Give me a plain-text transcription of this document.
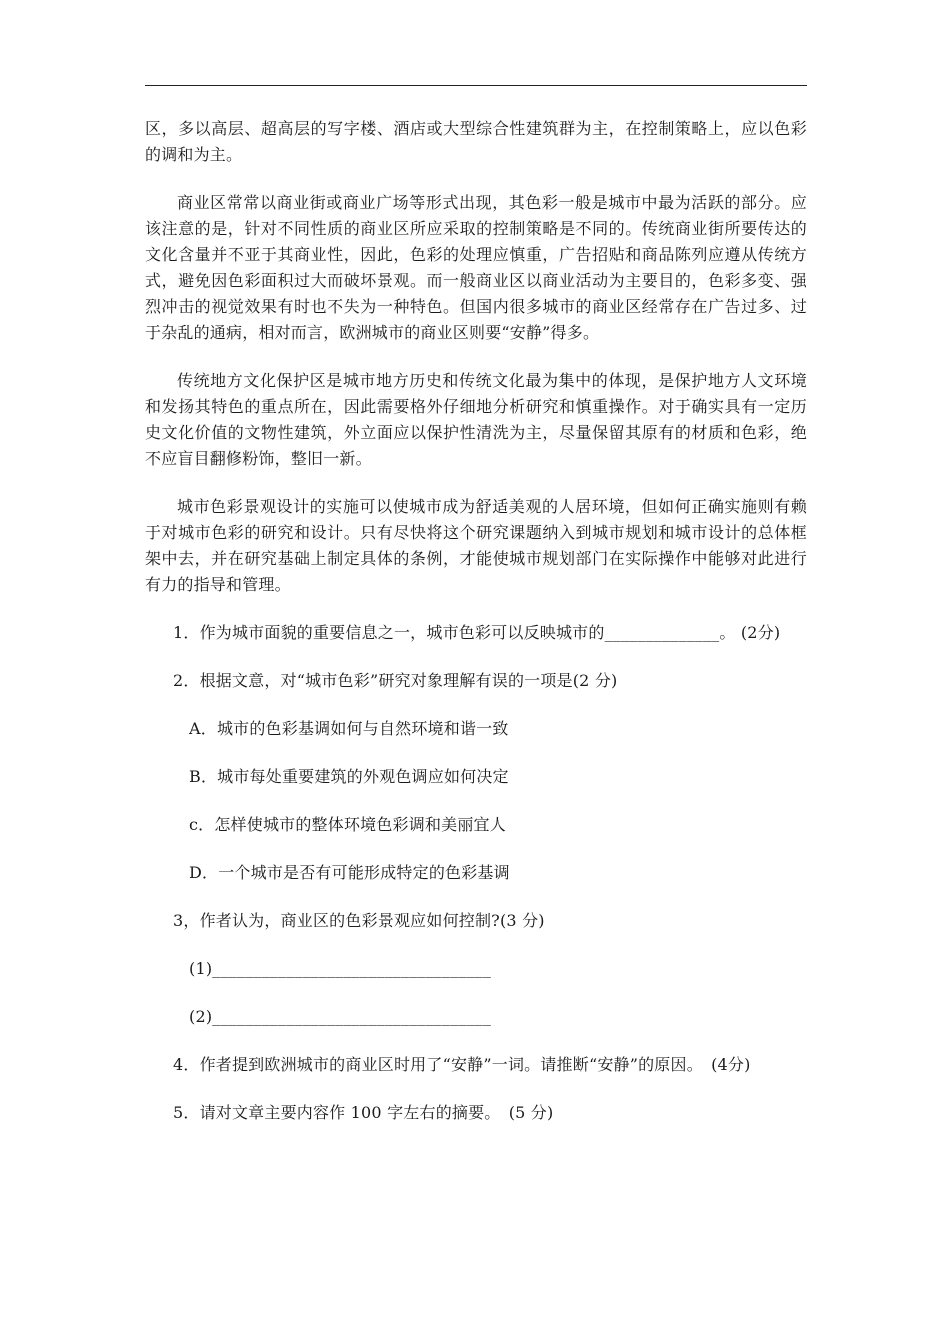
区，多以高层、超高层的写字楼、酒店或大型综合性建筑群为主，在控制策略上，应以色彩的调和为主。

商业区常常以商业街或商业广场等形式出现，其色彩一般是城市中最为活跃的部分。应该注意的是，针对不同性质的商业区所应采取的控制策略是不同的。传统商业街所要传达的文化含量并不亚于其商业性，因此，色彩的处理应慎重，广告招贴和商品陈列应遵从传统方式，避免因色彩面积过大而破坏景观。而一般商业区以商业活动为主要目的，色彩多变、强烈冲击的视觉效果有时也不失为一种特色。但国内很多城市的商业区经常存在广告过多、过于杂乱的通病，相对而言，欧洲城市的商业区则要“安静”得多。

传统地方文化保护区是城市地方历史和传统文化最为集中的体现，是保护地方人文环境和发扬其特色的重点所在，因此需要格外仔细地分析研究和慎重操作。对于确实具有一定历史文化价值的文物性建筑，外立面应以保护性清洗为主，尽量保留其原有的材质和色彩，绝不应盲目翻修粉饰，整旧一新。

城市色彩景观设计的实施可以使城市成为舒适美观的人居环境，但如何正确实施则有赖于对城市色彩的研究和设计。只有尽快将这个研究课题纳入到城市规划和城市设计的总体框架中去，并在研究基础上制定具体的条例，才能使城市规划部门在实际操作中能够对此进行有力的指导和管理。

1．作为城市面貌的重要信息之一，城市色彩可以反映城市的______________。 (2分)

2．根据文意，对“城市色彩”研究对象理解有误的一项是(2 分)

A．城市的色彩基调如何与自然环境和谐一致

B．城市每处重要建筑的外观色调应如何决定

c．怎样使城市的整体环境色彩调和美丽宜人

D．一个城市是否有可能形成特定的色彩基调

3，作者认为，商业区的色彩景观应如何控制?(3 分)

(1)__________________________________

(2)__________________________________

4．作者提到欧洲城市的商业区时用了“安静”一词。请推断“安静”的原因。　(4分)

5．请对文章主要内容作 100 字左右的摘要。　(5 分)
